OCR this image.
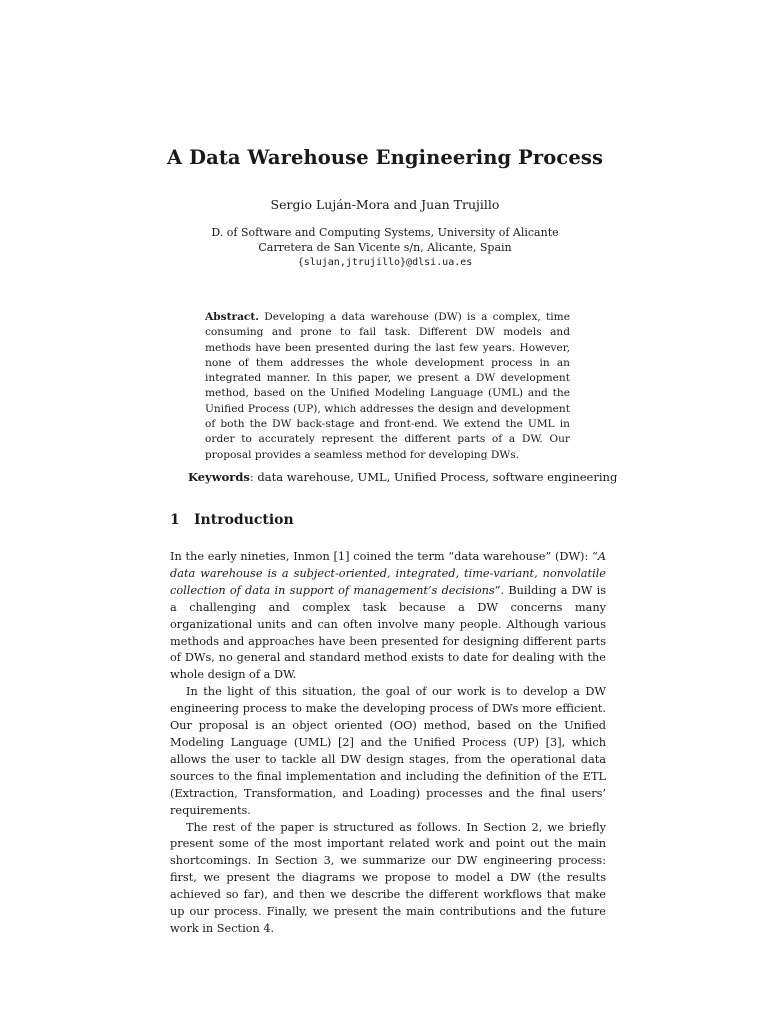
A Data Warehouse Engineering Process
Sergio Luján-Mora and Juan Trujillo
D. of Software and Computing Systems, University of Alicante
Carretera de San Vicente s/n, Alicante, Spain
{slujan,jtrujillo}@dlsi.ua.es
Abstract. Developing a data warehouse (DW) is a complex, time consuming and prone to fail task. Different DW models and methods have been presented during the last few years. However, none of them addresses the whole development process in an integrated manner. In this paper, we present a DW development method, based on the Unified Modeling Language (UML) and the Unified Process (UP), which addresses the design and development of both the DW back-stage and front-end. We extend the UML in order to accurately represent the different parts of a DW. Our proposal provides a seamless method for developing DWs.
Keywords: data warehouse, UML, Unified Process, software engineering
1 Introduction

In the early nineties, Inmon [1] coined the term “data warehouse” (DW): “A data warehouse is a subject-oriented, integrated, time-variant, nonvolatile collection of data in support of management’s decisions”. Building a DW is a challenging and complex task because a DW concerns many organizational units and can often involve many people. Although various methods and approaches have been presented for designing different parts of DWs, no general and standard method exists to date for dealing with the whole design of a DW.

In the light of this situation, the goal of our work is to develop a DW engineering process to make the developing process of DWs more efficient. Our proposal is an object oriented (OO) method, based on the Unified Modeling Language (UML) [2] and the Unified Process (UP) [3], which allows the user to tackle all DW design stages, from the operational data sources to the final implementation and including the definition of the ETL (Extraction, Transformation, and Loading) processes and the final users’ requirements.

The rest of the paper is structured as follows. In Section 2, we briefly present some of the most important related work and point out the main shortcomings. In Section 3, we summarize our DW engineering process: first, we present the diagrams we propose to model a DW (the results achieved so far), and then we describe the different workflows that make up our process. Finally, we present the main contributions and the future work in Section 4.
